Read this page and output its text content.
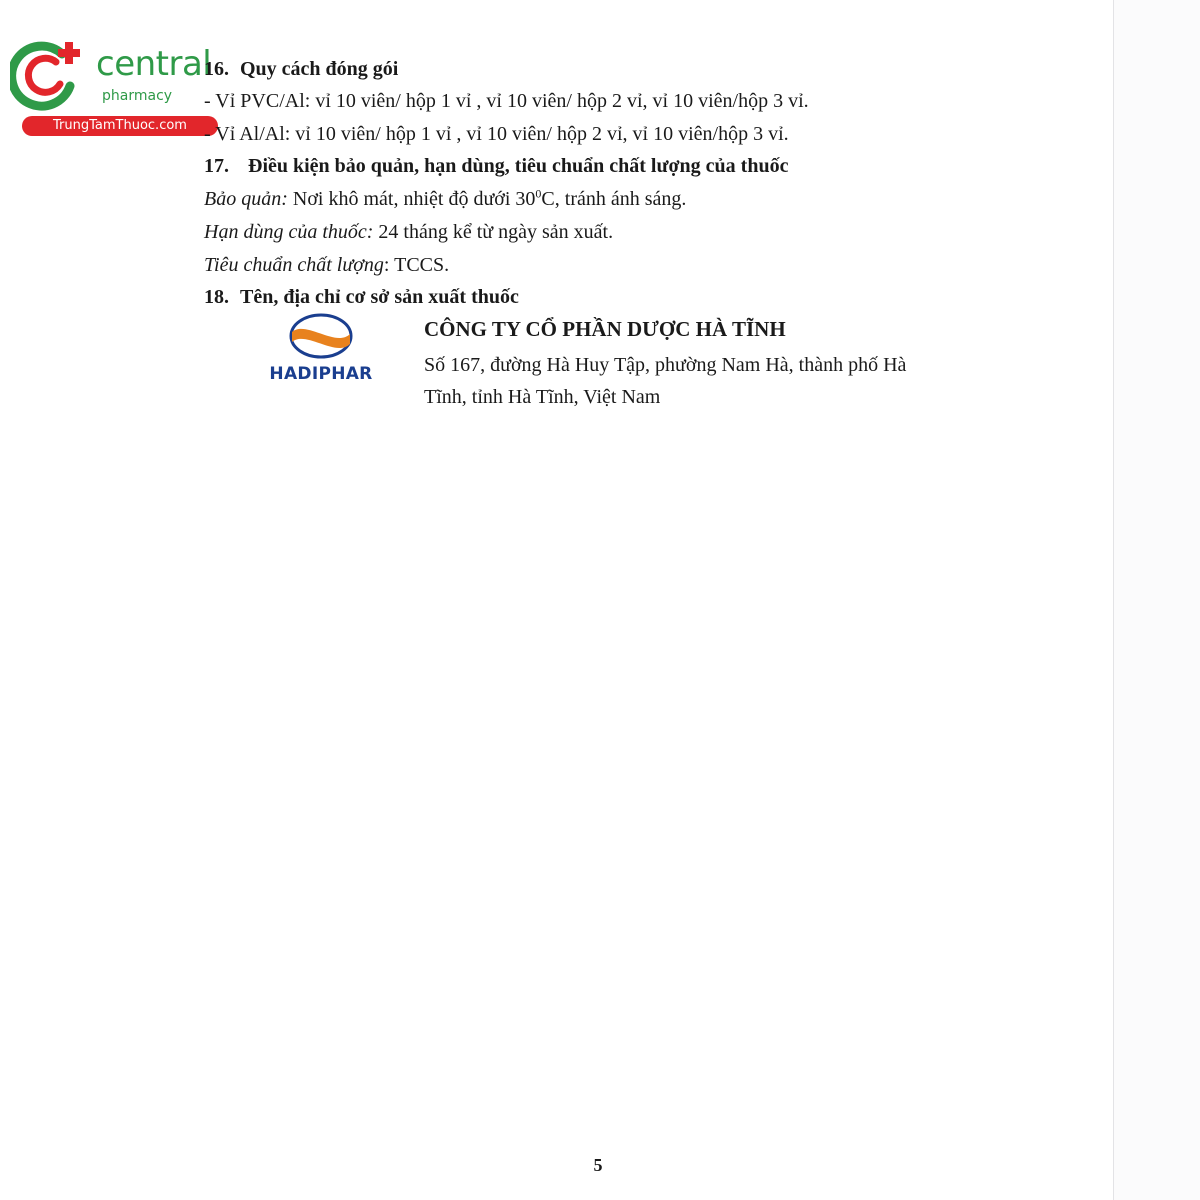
central
pharmacy
TrungTamThuoc.com
16. Quy cách đóng gói
- Vỉ PVC/Al: vỉ 10 viên/ hộp 1 vỉ , vỉ 10 viên/ hộp 2 vỉ, vỉ 10 viên/hộp 3 vỉ.
- Vỉ Al/Al: vỉ 10 viên/ hộp 1 vỉ , vỉ 10 viên/ hộp 2 vỉ, vỉ 10 viên/hộp 3 vỉ.
17. Điều kiện bảo quản, hạn dùng, tiêu chuẩn chất lượng của thuốc
Bảo quản: Nơi khô mát, nhiệt độ dưới $30^0C$, tránh ánh sáng.
Hạn dùng của thuốc: 24 tháng kể từ ngày sản xuất.
Tiêu chuẩn chất lượng: TCCS.
18. Tên, địa chỉ cơ sở sản xuất thuốc
HADIPHAR
CÔNG TY CỔ PHẦN DƯỢC HÀ TĨNH
Số 167, đường Hà Huy Tập, phường Nam Hà, thành phố Hà Tĩnh, tỉnh Hà Tĩnh, Việt Nam
5
